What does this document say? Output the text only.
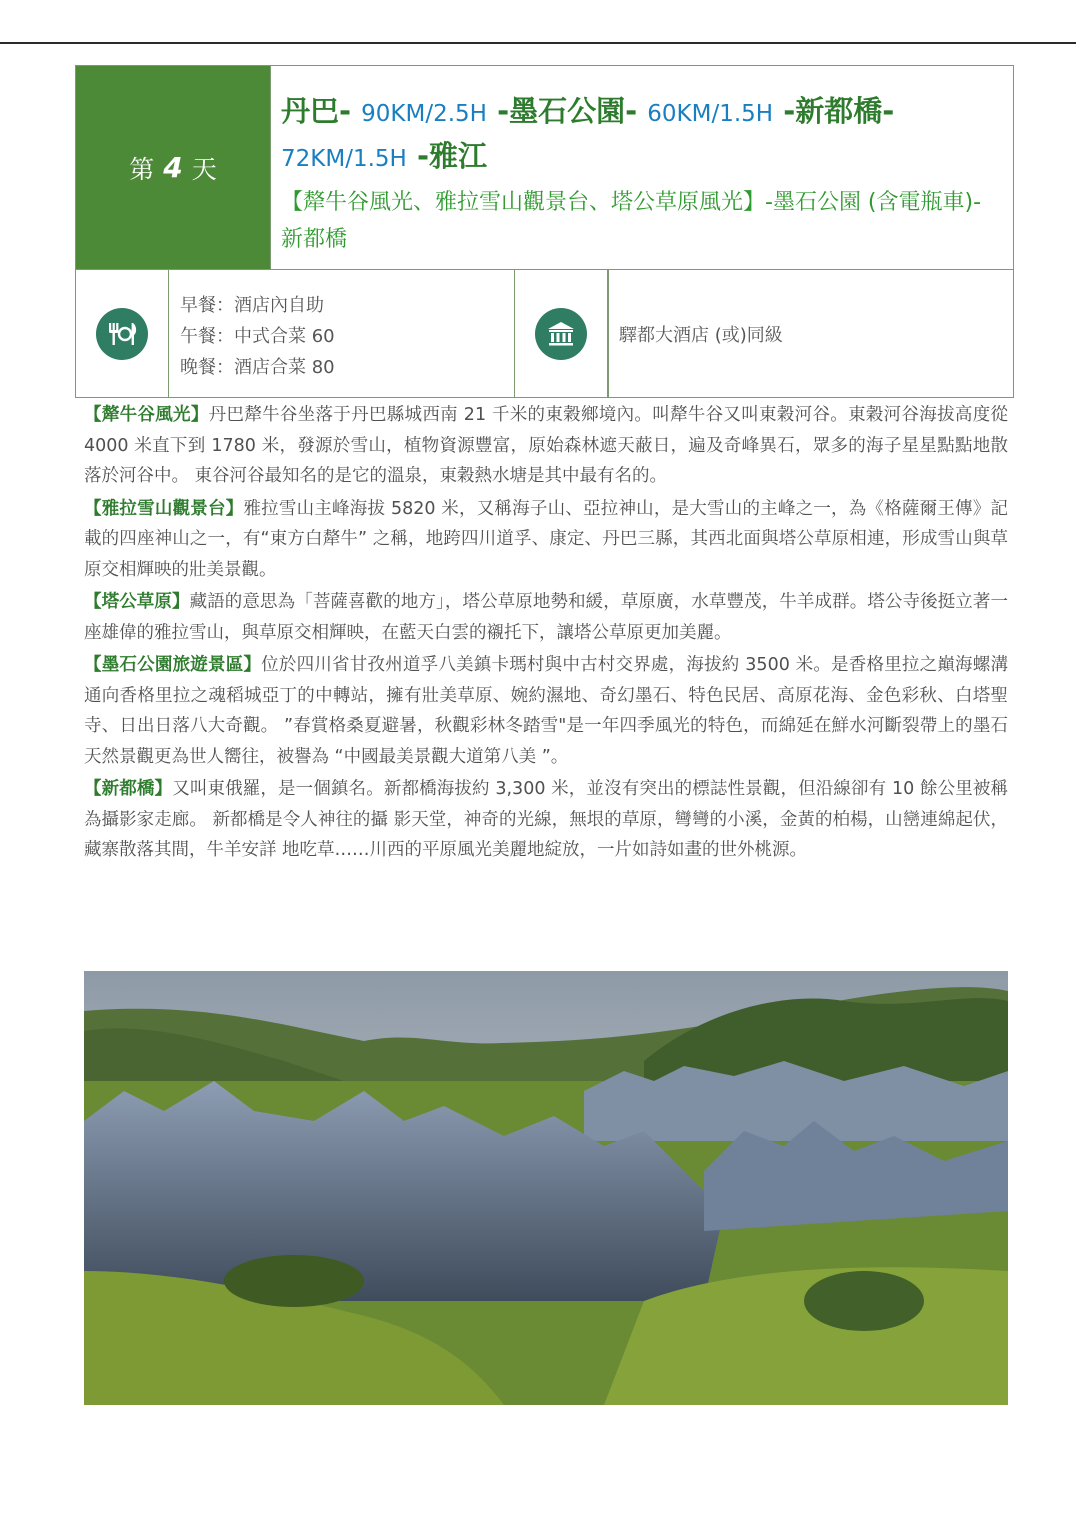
第 4 天
丹巴- 90KM/2.5H -墨石公園- 60KM/1.5H -新都橋-
72KM/1.5H -雅江
【犛牛谷風光、雅拉雪山觀景台、塔公草原風光】-墨石公園 (含電瓶車)- 新都橋
早餐：酒店內自助
午餐：中式合菜 60
晚餐：酒店合菜 80
驛都大酒店 (或)同級

【犛牛谷風光】丹巴犛牛谷坐落于丹巴縣城西南 21 千米的東穀鄉境內。叫犛牛谷又叫東穀河谷。東穀河谷海拔高度從 4000 米直下到 1780 米，發源於雪山，植物資源豐富，原始森林遮天蔽日，遍及奇峰異石，眾多的海子星星點點地散落於河谷中。 東谷河谷最知名的是它的溫泉，東穀熱水塘是其中最有名的。

【雅拉雪山觀景台】雅拉雪山主峰海拔 5820 米，又稱海子山、亞拉神山，是大雪山的主峰之一，為《格薩爾王傳》記載的四座神山之一，有“東方白犛牛” 之稱，地跨四川道孚、康定、丹巴三縣，其西北面與塔公草原相連，形成雪山與草原交相輝映的壯美景觀。

【塔公草原】藏語的意思為「菩薩喜歡的地方」，塔公草原地勢和緩，草原廣，水草豐茂，牛羊成群。塔公寺後挺立著一座雄偉的雅拉雪山，與草原交相輝映，在藍天白雲的襯托下，讓塔公草原更加美麗。

【墨石公園旅遊景區】位於四川省甘孜州道孚八美鎮卡瑪村與中古村交界處，海拔約 3500 米。是香格里拉之巔海螺溝通向香格里拉之魂稻城亞丁的中轉站，擁有壯美草原、婉約濕地、奇幻墨石、特色民居、高原花海、金色彩秋、白塔聖寺、日出日落八大奇觀。 ”春賞格桑夏避暑，秋觀彩林冬踏雪"是一年四季風光的特色，而綿延在鮮水河斷裂帶上的墨石天然景觀更為世人嚮往，被譽為 “中國最美景觀大道第八美 ”。

【新都橋】又叫東俄羅，是一個鎮名。新都橋海拔約 3,300 米，並沒有突出的標誌性景觀，但沿線卻有 10 餘公里被稱為攝影家走廊。 新都橋是令人神往的攝 影天堂，神奇的光線，無垠的草原，彎彎的小溪，金黃的柏楊，山巒連綿起伏，藏寨散落其間，牛羊安詳 地吃草……川西的平原風光美麗地綻放，一片如詩如畫的世外桃源。
